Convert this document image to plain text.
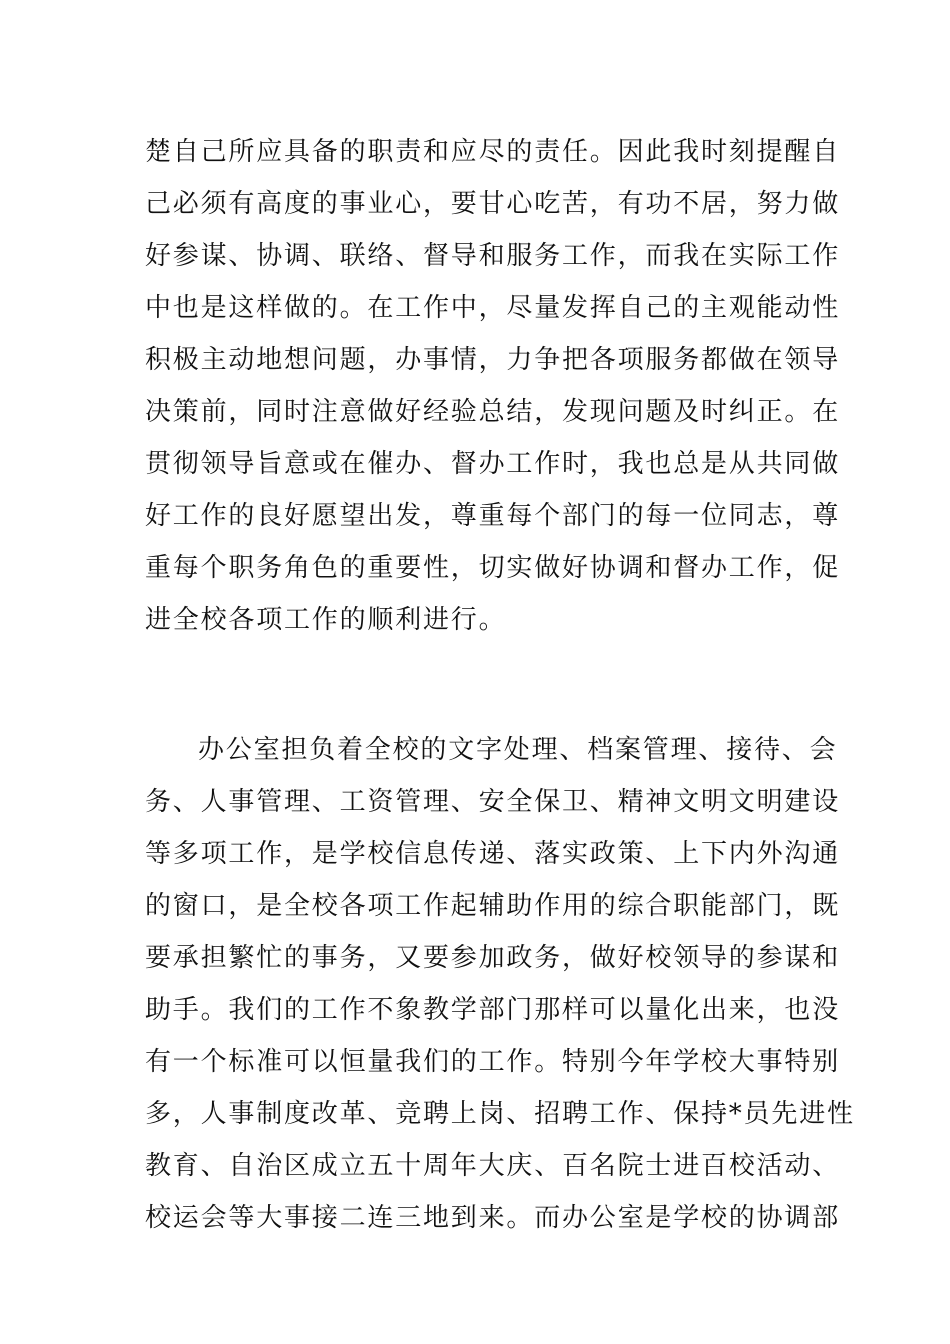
楚自己所应具备的职责和应尽的责任。因此我时刻提醒自
己必须有高度的事业心，要甘心吃苦，有功不居，努力做
好参谋、协调、联络、督导和服务工作，而我在实际工作
中也是这样做的。在工作中，尽量发挥自己的主观能动性
积极主动地想问题，办事情，力争把各项服务都做在领导
决策前，同时注意做好经验总结，发现问题及时纠正。在
贯彻领导旨意或在催办、督办工作时，我也总是从共同做
好工作的良好愿望出发，尊重每个部门的每一位同志，尊
重每个职务角色的重要性，切实做好协调和督办工作，促
进全校各项工作的顺利进行。
办公室担负着全校的文字处理、档案管理、接待、会
务、人事管理、工资管理、安全保卫、精神文明文明建设
等多项工作，是学校信息传递、落实政策、上下内外沟通
的窗口，是全校各项工作起辅助作用的综合职能部门，既
要承担繁忙的事务，又要参加政务，做好校领导的参谋和
助手。我们的工作不象教学部门那样可以量化出来，也没
有一个标准可以恒量我们的工作。特别今年学校大事特别
多，人事制度改革、竞聘上岗、招聘工作、保持*员先进性
教育、自治区成立五十周年大庆、百名院士进百校活动、
校运会等大事接二连三地到来。而办公室是学校的协调部
